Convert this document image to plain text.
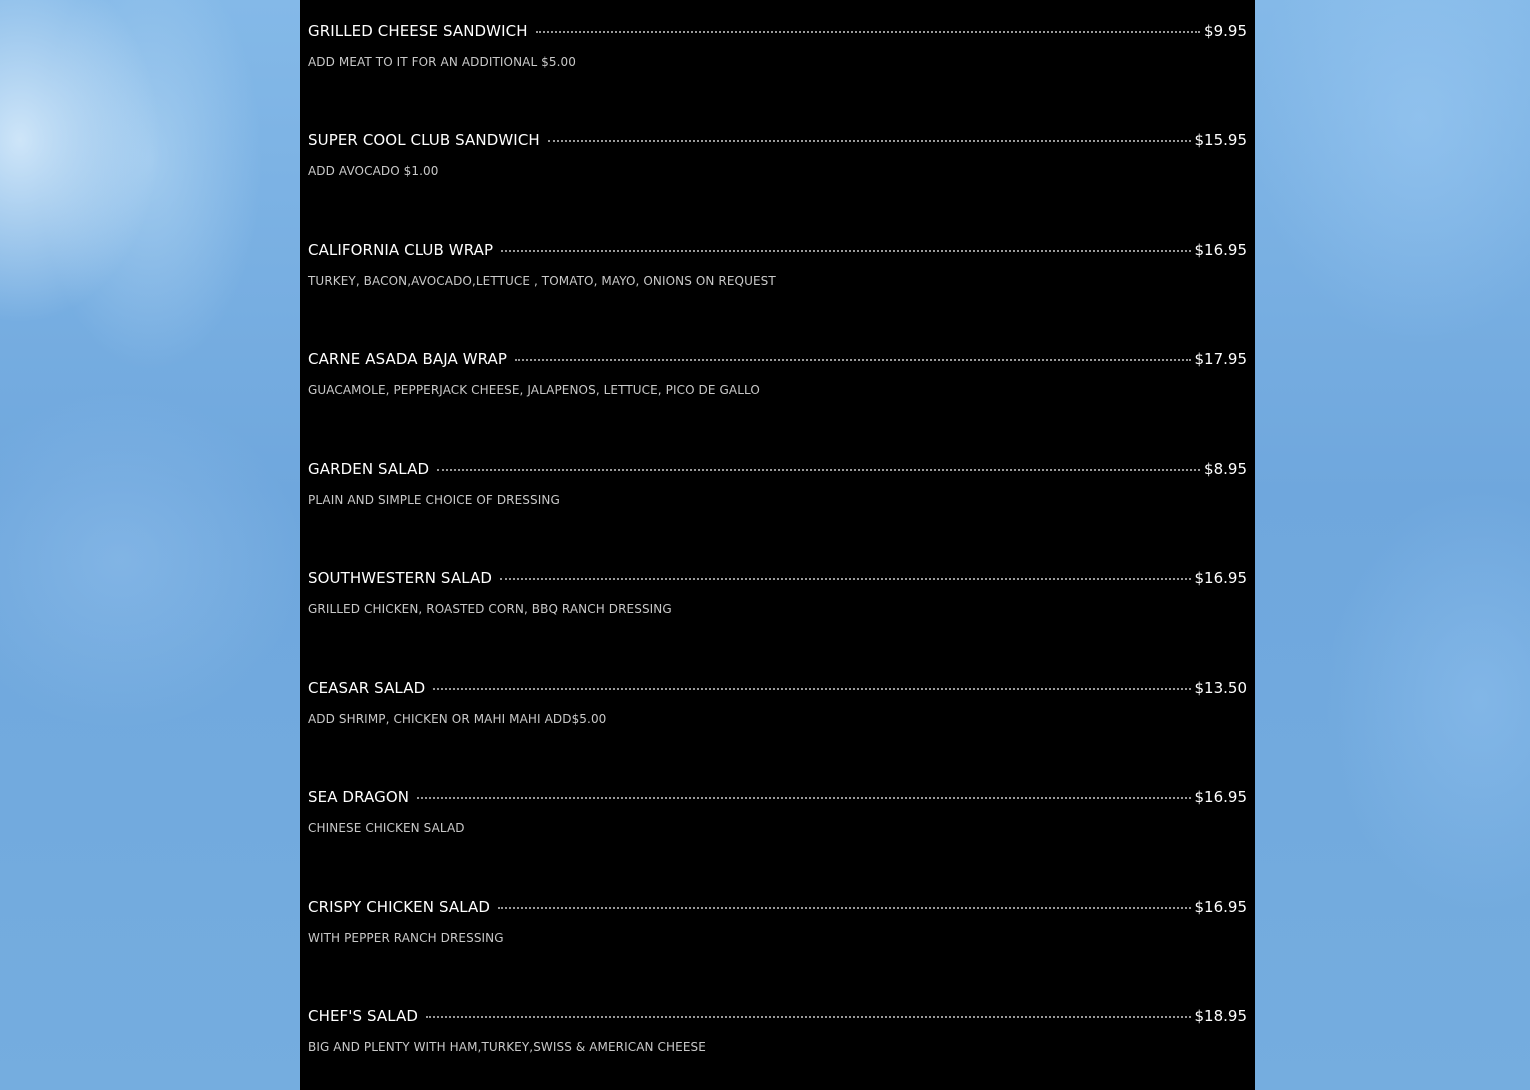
GRILLED CHEESE SANDWICH	$9.95
ADD MEAT TO IT FOR AN ADDITIONAL $5.00
SUPER COOL CLUB SANDWICH	$15.95
ADD AVOCADO $1.00
CALIFORNIA CLUB WRAP	$16.95
TURKEY, BACON,AVOCADO,LETTUCE , TOMATO, MAYO, ONIONS ON REQUEST
CARNE ASADA BAJA WRAP	$17.95
GUACAMOLE, PEPPERJACK CHEESE, JALAPENOS, LETTUCE, PICO DE GALLO
GARDEN SALAD	$8.95
PLAIN AND SIMPLE CHOICE OF DRESSING
SOUTHWESTERN SALAD	$16.95
GRILLED CHICKEN, ROASTED CORN, BBQ RANCH DRESSING
CEASAR SALAD	$13.50
ADD SHRIMP, CHICKEN OR MAHI MAHI ADD$5.00
SEA DRAGON	$16.95
CHINESE CHICKEN SALAD
CRISPY CHICKEN SALAD	$16.95
WITH PEPPER RANCH DRESSING
CHEF'S SALAD	$18.95
BIG AND PLENTY WITH HAM,TURKEY,SWISS & AMERICAN CHEESE
